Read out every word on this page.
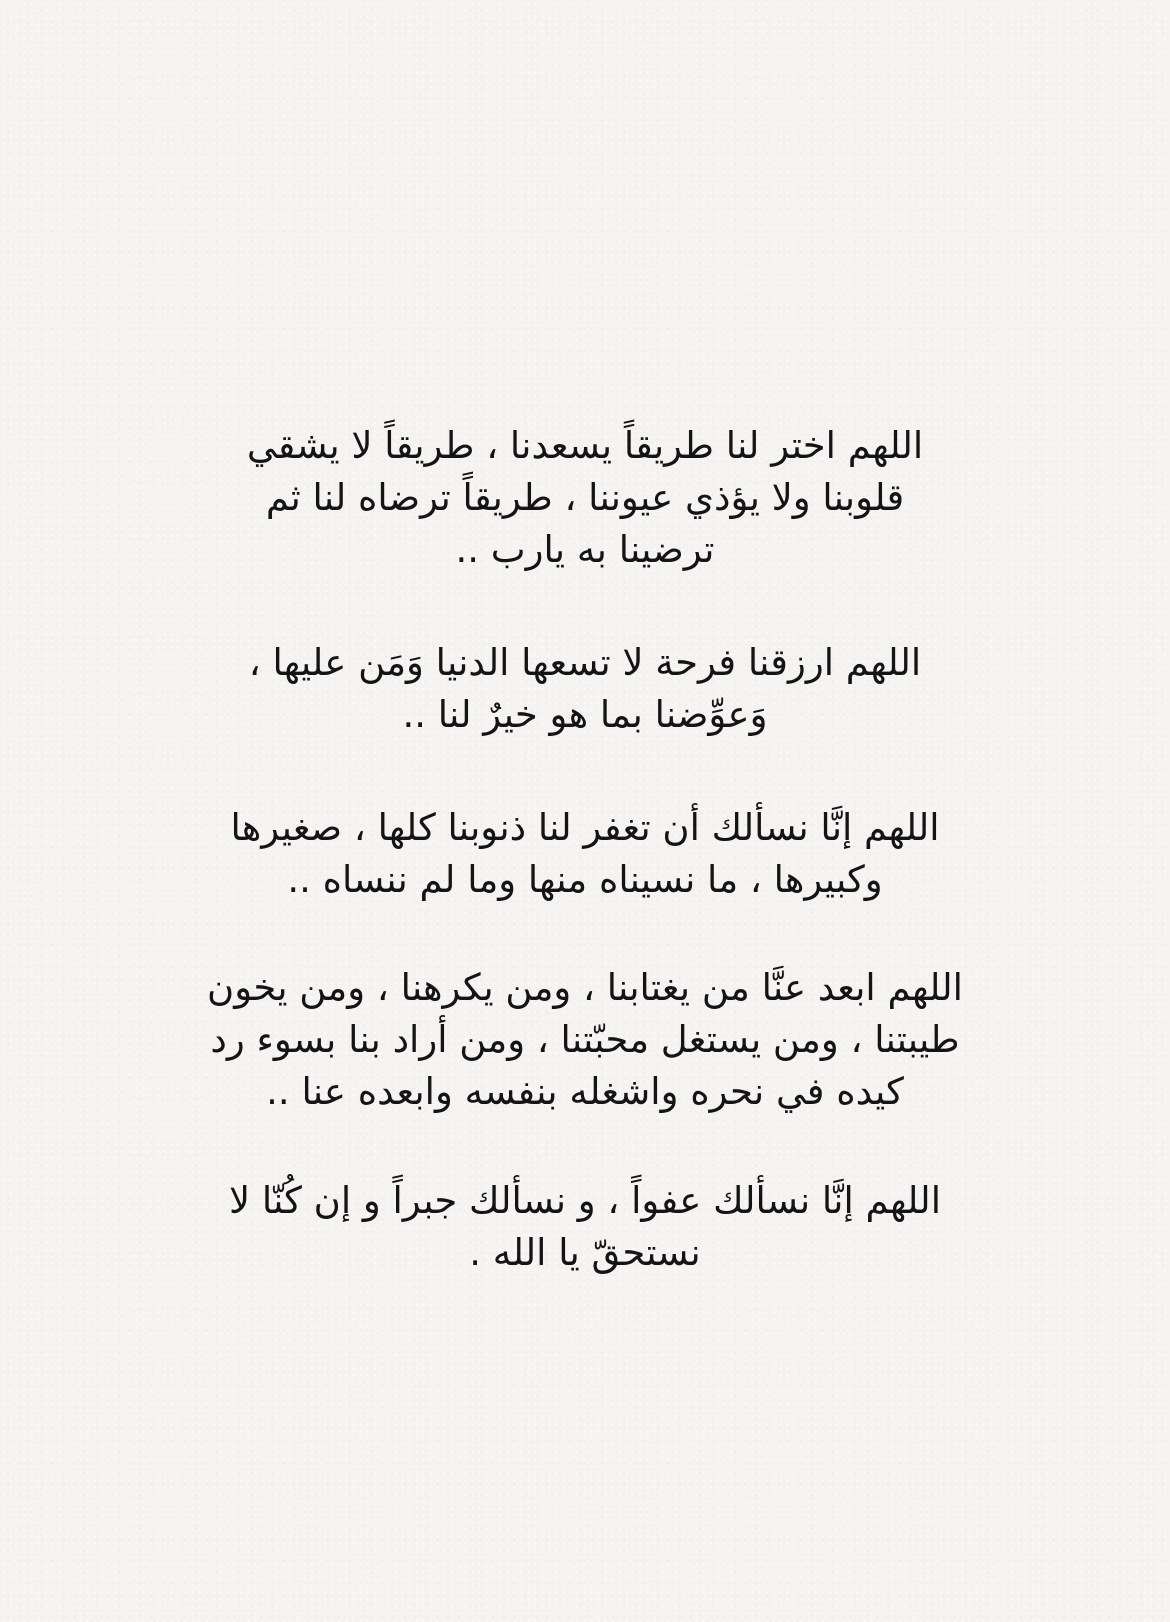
اللهم اختر لنا طريقاً يسعدنا ، طريقاً لا يشقي
قلوبنا ولا يؤذي عيوننا ، طريقاً ترضاه لنا ثم
ترضينا به يارب ..
اللهم ارزقنا فرحة لا تسعها الدنيا وَمَن عليها ،
وَعوِّضنا بما هو خيرٌ لنا ..
اللهم إنَّا نسألك أن تغفر لنا ذنوبنا كلها ، صغيرها
وكبيرها ، ما نسيناه منها وما لم ننساه ..
اللهم ابعد عنَّا من يغتابنا ، ومن يكرهنا ، ومن يخون
طيبتنا ، ومن يستغل محبّتنا ، ومن أراد بنا بسوء رد
كيده في نحره واشغله بنفسه وابعده عنا ..
اللهم إنَّا نسألك عفواً ، و نسألك جبراً و إن كُنّا لا
نستحقّ يا الله .
